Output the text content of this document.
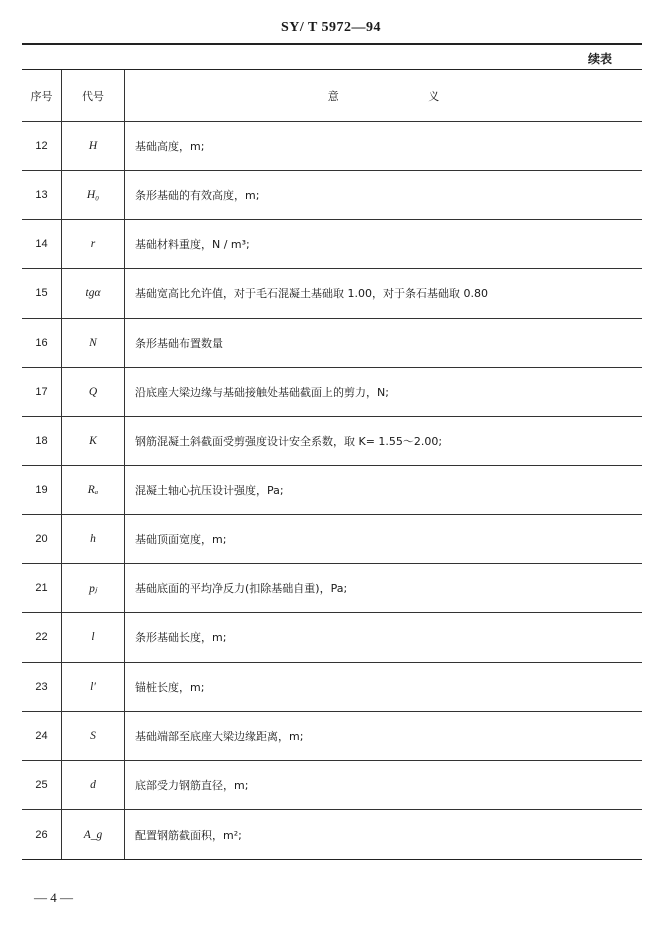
SY/ T 5972—94
续表
序号	代号	意 义
12	H	基础高度，m;
13	H₀	条形基础的有效高度，m;
14	r	基础材料重度，N / m³;
15	tgα	基础宽高比允许值，对于毛石混凝土基础取 1.00，对于条石基础取 0.80
16	N	条形基础布置数量
17	Q	沿底座大梁边缘与基础接触处基础截面上的剪力，N;
18	K	钢筋混凝土斜截面受剪强度设计安全系数，取 K= 1.55～2.00;
19	Rₐ	混凝土轴心抗压设计强度，Pa;
20	h	基础顶面宽度，m;
21	pⱼ	基础底面的平均净反力(扣除基础自重)，Pa;
22	l	条形基础长度，m;
23	l′	锚桩长度，m;
24	S	基础端部至底座大梁边缘距离，m;
25	d	底部受力钢筋直径，m;
26	A_g	配置钢筋截面积，m²;
— 4 —
